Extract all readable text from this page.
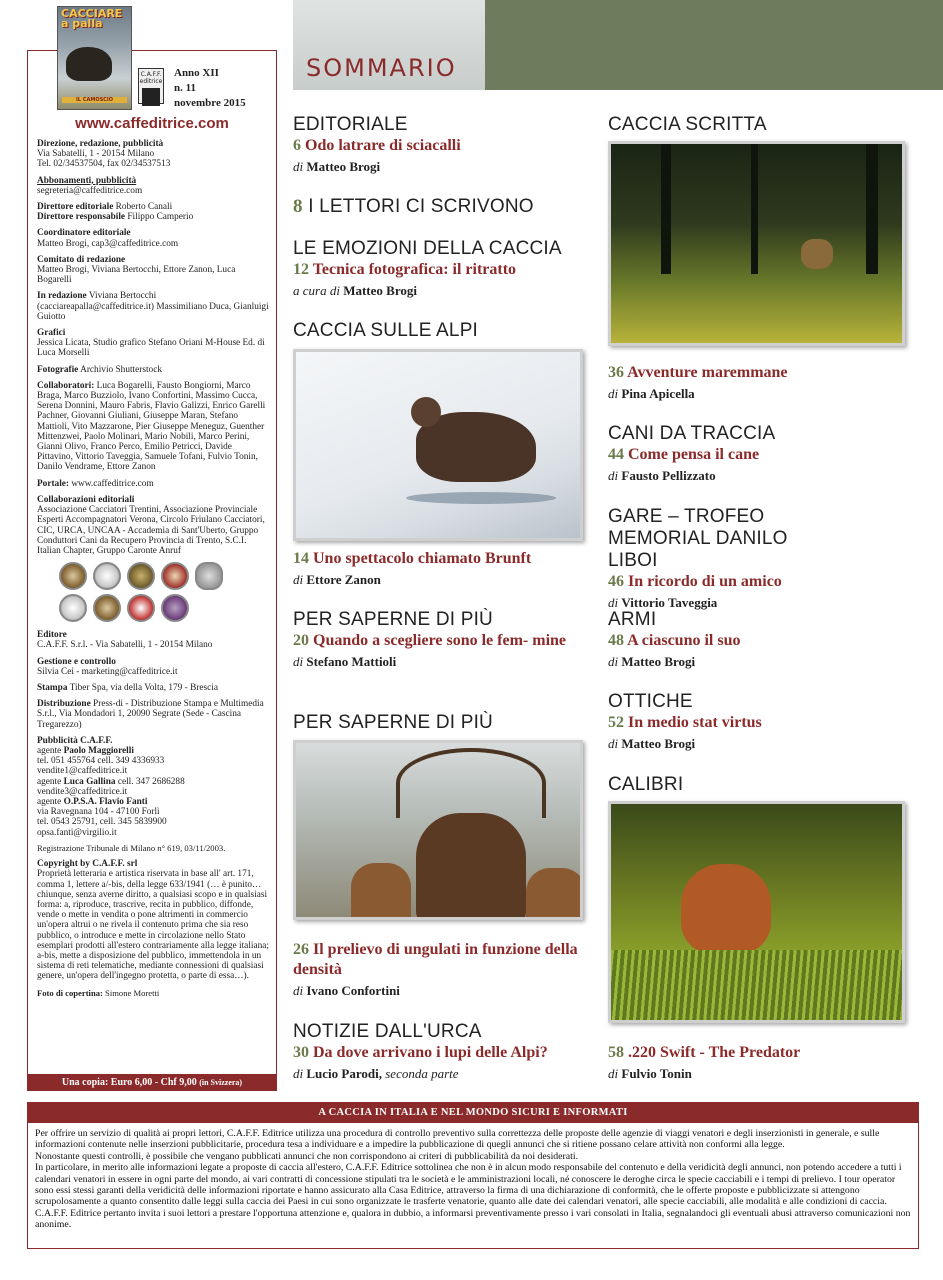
SOMMARIO
CACCIARE a palla
IL CAMOSCIO
C.A.F.F. editrice
Anno XII
n. 11
novembre 2015
www.caffeditrice.com
Direzione, redazione, pubblicità
Via Sabatelli, 1 - 20154 Milano
Tel. 02/34537504, fax 02/34537513
Abbonamenti, pubblicità
segreteria@caffeditrice.com
Direttore editoriale Roberto Canali
Direttore responsabile Filippo Camperio
Coordinatore editoriale
Matteo Brogi, cap3@caffeditrice.com
Comitato di redazione
Matteo Brogi, Viviana Bertocchi, Ettore Zanon, Luca Bogarelli
In redazione Viviana Bertocchi (cacciareapalla@caffeditrice.it) Massimiliano Duca, Gianluigi Guiotto
Grafici
Jessica Licata, Studio grafico Stefano Oriani M-House Ed. di Luca Morselli
Fotografie Archivio Shutterstock
Collaboratori: Luca Bogarelli, Fausto Bongiorni, Marco Braga, Marco Buzziolo, Ivano Confortini, Massimo Cucca, Serena Donnini, Mauro Fabris, Flavio Galizzi, Enrico Garelli Pachner, Giovanni Giuliani, Giuseppe Maran, Stefano Mattioli, Vito Mazzarone, Pier Giuseppe Meneguz, Guenther Mittenzwei, Paolo Molinari, Mario Nobili, Marco Perini, Gianni Olivo, Franco Perco, Emilio Petricci, Davide Pittavino, Vittorio Taveggia, Samuele Tofani, Fulvio Tonin, Danilo Vendrame, Ettore Zanon
Portale: www.caffeditrice.com
Collaborazioni editoriali
Associazione Cacciatori Trentini, Associazione Provinciale Esperti Accompagnatori Verona, Circolo Friulano Cacciatori, CIC, URCA, UNCAA - Accademia di Sant'Uberto, Gruppo Conduttori Cani da Recupero Provincia di Trento, S.C.I. Italian Chapter, Gruppo Caronte Anruf
Editore
C.A.F.F. S.r.l. - Via Sabatelli, 1 - 20154 Milano
Gestione e controllo
Silvia Cei - marketing@caffeditrice.it
Stampa Tiber Spa, via della Volta, 179 - Brescia
Distribuzione Press-di - Distribuzione Stampa e Multimedia S.r.l., Via Mondadori 1, 20090 Segrate (Sede - Cascina Tregarezzo)
Pubblicità C.A.F.F.

agente Paolo Maggiorelli
tel. 051 455764 cell. 349 4336933
vendite1@caffeditrice.it
agente Luca Gallina cell. 347 2686288
vendite3@caffeditrice.it
agente O.P.S.A. Flavio Fanti
via Ravegnana 104 - 47100 Forlì
tel. 0543 25791, cell. 345 5839900
opsa.fanti@virgilio.it
Registrazione Tribunale di Milano n° 619, 03/11/2003.
Copyright by C.A.F.F. srl
Proprietà letteraria e artistica riservata in base all' art. 171, comma 1, lettere a/-bis, della legge 633/1941 (… è punito… chiunque, senza averne diritto, a qualsiasi scopo e in qualsiasi forma: a, riproduce, trascrive, recita in pubblico, diffonde, vende o mette in vendita o pone altrimenti in commercio un'opera altrui o ne rivela il contenuto prima che sia reso pubblico, o introduce e mette in circolazione nello Stato esemplari prodotti all'estero contrariamente alla legge italiana; a-bis, mette a disposizione del pubblico, immettendola in un sistema di reti telematiche, mediante connessioni di qualsiasi genere, un'opera dell'ingegno protetta, o parte di essa…).
Foto di copertina: Simone Moretti
Una copia: Euro 6,00 - Chf 9,00 (in Svizzera)
EDITORIALE
6 Odo latrare di sciacalli
di Matteo Brogi
8 I LETTORI CI SCRIVONO
LE EMOZIONI DELLA CACCIA
12 Tecnica fotografica: il ritratto
a cura di Matteo Brogi
CACCIA SULLE ALPI
14 Uno spettacolo chiamato Brunft
di Ettore Zanon
PER SAPERNE DI PIÙ
20 Quando a scegliere sono le fem- mine
di Stefano Mattioli
PER SAPERNE DI PIÙ
26 Il prelievo di ungulati in funzione della densità
di Ivano Confortini
NOTIZIE DALL'URCA
30 Da dove arrivano i lupi delle Alpi?
di Lucio Parodi, seconda parte
CACCIA SCRITTA
36 Avventure maremmane
di Pina Apicella
CANI DA TRACCIA
44 Come pensa il cane
di Fausto Pellizzato
GARE – TROFEO MEMORIAL DANILO LIBOI
46 In ricordo di un amico
di Vittorio Taveggia
ARMI
48 A ciascuno il suo
di Matteo Brogi
OTTICHE
52 In medio stat virtus
di Matteo Brogi
CALIBRI
58 .220 Swift - The Predator
di Fulvio Tonin
A CACCIA IN ITALIA E NEL MONDO SICURI E INFORMATI
Per offrire un servizio di qualità ai propri lettori, C.A.F.F. Editrice utilizza una procedura di controllo preventivo sulla correttezza delle proposte delle agenzie di viaggi venatori e degli inserzionisti in generale, e sulle informazioni contenute nelle inserzioni pubblicitarie, procedura tesa a individuare e a impedire la pubblicazione di quegli annunci che si ritiene possano celare attività non conformi alla legge.
Nonostante questi controlli, è possibile che vengano pubblicati annunci che non corrispondono ai criteri di pubblicabilità da noi desiderati.
In particolare, in merito alle informazioni legate a proposte di caccia all'estero, C.A.F.F. Editrice sottolinea che non è in alcun modo responsabile del contenuto e della veridicità degli annunci, non potendo accedere a tutti i calendari venatori in essere in ogni parte del mondo, ai vari contratti di concessione stipulati tra le società e le amministrazioni locali, né conoscere le deroghe circa le specie cacciabili e i tempi di prelievo. I tour operator sono essi stessi garanti della veridicità delle informazioni riportate e hanno assicurato alla Casa Editrice, attraverso la firma di una dichiarazione di conformità, che le offerte proposte e pubblicizzate si attengono scrupolosamente a quanto consentito dalle leggi sulla caccia dei Paesi in cui sono organizzate le trasferte venatorie, quanto alle date dei calendari venatori, alle specie cacciabili, alle modalità e alle condizioni di caccia. C.A.F.F. Editrice pertanto invita i suoi lettori a prestare l'opportuna attenzione e, qualora in dubbio, a informarsi preventivamente presso i vari consolati in Italia, segnalandoci gli eventuali abusi attraverso comunicazioni non anonime.
